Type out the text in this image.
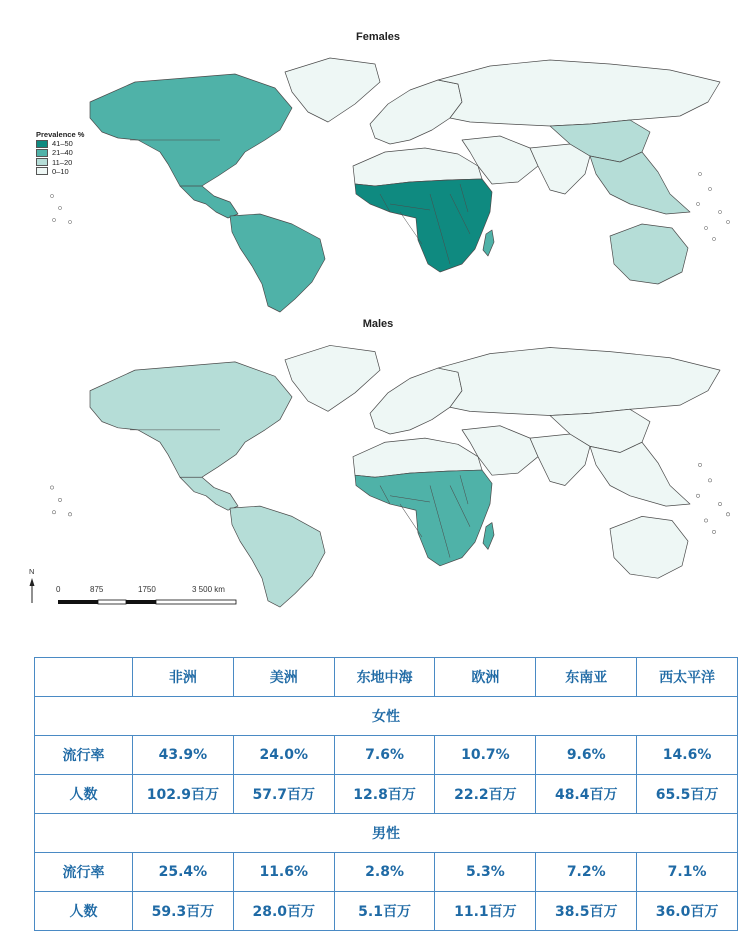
Females
Prevalence %
41–50
21–40
11–20
0–10
Males
N
0	875	1750	3 500 km
	非洲	美洲	东地中海	欧洲	东南亚	西太平洋
女性						
流行率	43.9%	24.0%	7.6%	10.7%	9.6%	14.6%
人数	102.9百万	57.7百万	12.8百万	22.2百万	48.4百万	65.5百万
男性						
流行率	25.4%	11.6%	2.8%	5.3%	7.2%	7.1%
人数	59.3百万	28.0百万	5.1百万	11.1百万	38.5百万	36.0百万
